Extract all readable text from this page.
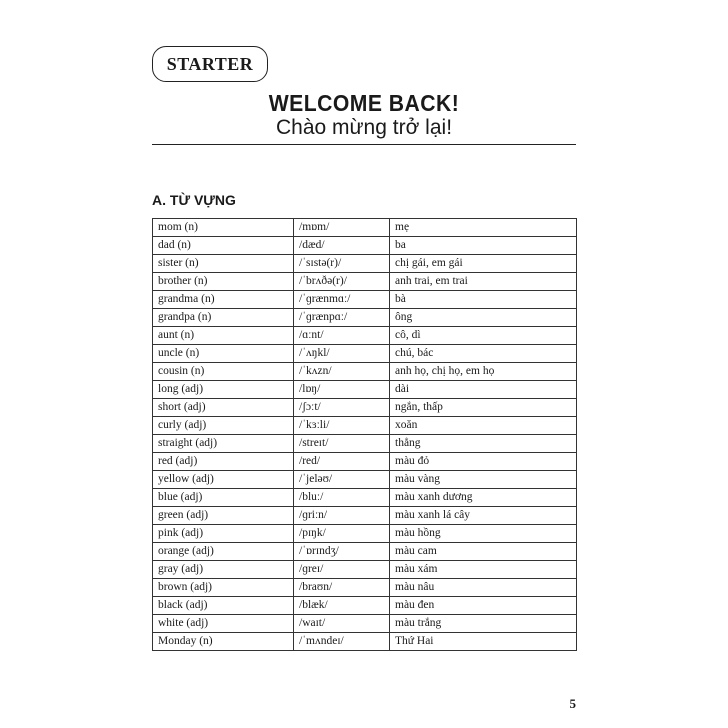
STARTER
WELCOME BACK!
Chào mừng trở lại!
A. TỪ VỰNG
mom (n)	/mɒm/	mẹ
dad (n)	/dæd/	ba
sister (n)	/ˈsɪstə(r)/	chị gái, em gái
brother (n)	/ˈbrʌðə(r)/	anh trai, em trai
grandma (n)	/ˈɡrænmɑː/	bà
grandpa (n)	/ˈɡrænpɑː/	ông
aunt (n)	/ɑːnt/	cô, dì
uncle (n)	/ˈʌŋkl/	chú, bác
cousin (n)	/ˈkʌzn/	anh họ, chị họ, em họ
long (adj)	/lɒŋ/	dài
short (adj)	/ʃɔːt/	ngắn, thấp
curly (adj)	/ˈkɜːli/	xoăn
straight (adj)	/streɪt/	thẳng
red (adj)	/red/	màu đỏ
yellow (adj)	/ˈjeləʊ/	màu vàng
blue (adj)	/bluː/	màu xanh dương
green (adj)	/ɡriːn/	màu xanh lá cây
pink (adj)	/pɪŋk/	màu hồng
orange (adj)	/ˈɒrɪndʒ/	màu cam
gray (adj)	/ɡreɪ/	màu xám
brown (adj)	/braʊn/	màu nâu
black (adj)	/blæk/	màu đen
white (adj)	/waɪt/	màu trắng
Monday (n)	/ˈmʌndeɪ/	Thứ Hai
5
